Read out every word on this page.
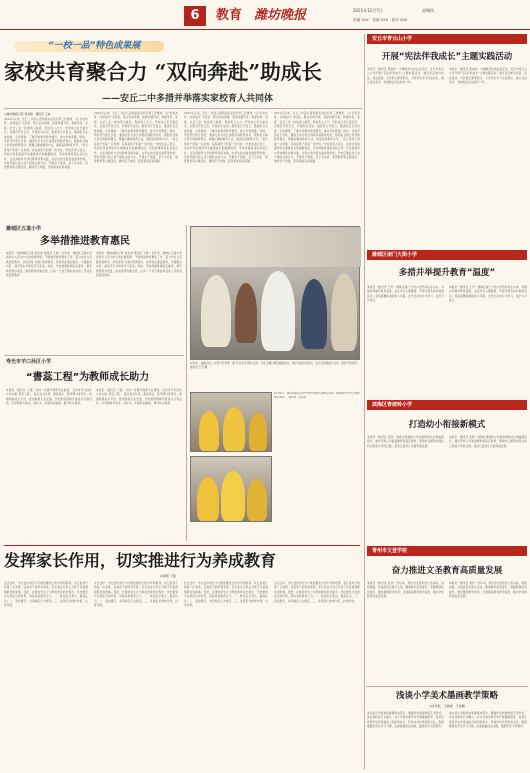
6	教育 潍坊晚报	2021年12月7日	星期四
责编 XXX　美编 XXX　校对 XXX
“一校一品”特色成果展
家校共育聚合力 “双向奔赴”助成长
——安丘二中多措并举落实家校育人共同体
□潍坊晚报记者 刘兆晨　通讯员 王成
2021年以来，安丘二中深入贯彻落实家校共育工作要求，以“家校共育、共同成长”为目标，整合家校资源，搭建沟通平台，构建学校、家庭、社会三位一体的育人格局，形成育人合力。学校成立家长委员会，定期召开家长会，开展家访活动，组织家长开放日，邀请家长走进校园、走进课堂，了解学校教育教学情况，参与学校管理。同时，学校开设家长学校，邀请专家为家长讲授家庭教育知识，帮助家长树立科学的教育理念，掌握正确的教育方法，提高家庭教育水平。“家长是孩子的第一任老师，家庭是孩子的第一所学校。”学校负责人表示，家校共育是促进学生健康成长的重要途径，学校将继续深化家校合作，让家庭教育与学校教育同频共振，为学生的全面发展保驾护航。学校还通过线上线下相结合的方式，开展亲子阅读、亲子运动会、感恩教育等主题活动，增进亲子沟通，营造和谐家庭氛围。
2021年以来，安丘二中深入贯彻落实家校共育工作要求，以“家校共育、共同成长”为目标，整合家校资源，搭建沟通平台，构建学校、家庭、社会三位一体的育人格局，形成育人合力。学校成立家长委员会，定期召开家长会，开展家访活动，组织家长开放日，邀请家长走进校园、走进课堂，了解学校教育教学情况，参与学校管理。同时，学校开设家长学校，邀请专家为家长讲授家庭教育知识，帮助家长树立科学的教育理念，掌握正确的教育方法，提高家庭教育水平。“家长是孩子的第一任老师，家庭是孩子的第一所学校。”学校负责人表示，家校共育是促进学生健康成长的重要途径，学校将继续深化家校合作，让家庭教育与学校教育同频共振，为学生的全面发展保驾护航。学校还通过线上线下相结合的方式，开展亲子阅读、亲子运动会、感恩教育等主题活动，增进亲子沟通，营造和谐家庭氛围。
2021年以来，安丘二中深入贯彻落实家校共育工作要求，以“家校共育、共同成长”为目标，整合家校资源，搭建沟通平台，构建学校、家庭、社会三位一体的育人格局，形成育人合力。学校成立家长委员会，定期召开家长会，开展家访活动，组织家长开放日，邀请家长走进校园、走进课堂，了解学校教育教学情况，参与学校管理。同时，学校开设家长学校，邀请专家为家长讲授家庭教育知识，帮助家长树立科学的教育理念，掌握正确的教育方法，提高家庭教育水平。“家长是孩子的第一任老师，家庭是孩子的第一所学校。”学校负责人表示，家校共育是促进学生健康成长的重要途径，学校将继续深化家校合作，让家庭教育与学校教育同频共振，为学生的全面发展保驾护航。学校还通过线上线下相结合的方式，开展亲子阅读、亲子运动会、感恩教育等主题活动，增进亲子沟通，营造和谐家庭氛围。
2021年以来，安丘二中深入贯彻落实家校共育工作要求，以“家校共育、共同成长”为目标，整合家校资源，搭建沟通平台，构建学校、家庭、社会三位一体的育人格局，形成育人合力。学校成立家长委员会，定期召开家长会，开展家访活动，组织家长开放日，邀请家长走进校园、走进课堂，了解学校教育教学情况，参与学校管理。同时，学校开设家长学校，邀请专家为家长讲授家庭教育知识，帮助家长树立科学的教育理念，掌握正确的教育方法，提高家庭教育水平。“家长是孩子的第一任老师，家庭是孩子的第一所学校。”学校负责人表示，家校共育是促进学生健康成长的重要途径，学校将继续深化家校合作，让家庭教育与学校教育同频共振，为学生的全面发展保驾护航。学校还通过线上线下相结合的方式，开展亲子阅读、亲子运动会、感恩教育等主题活动，增进亲子沟通，营造和谐家庭氛围。
潍城区五道小学
多举措推进教育惠民
本报讯（潍坊晚报记者 刘兆晨 通讯员 王晓）近年来，潍城区五道小学坚持以人民为中心的发展思想，不断推进教育惠民工作，着力办好人民满意的教育。学校深化“双减”政策落实，持续优化课后服务，丰富服务内容，满足学生多样化学习需求。同时，学校加强教师队伍建设，提升教育教学质量，推动教育均衡发展，让每一个孩子都能享受到公平而有质量的教育。
本报讯（潍坊晚报记者 刘兆晨 通讯员 王晓）近年来，潍城区五道小学坚持以人民为中心的发展思想，不断推进教育惠民工作，着力办好人民满意的教育。学校深化“双减”政策落实，持续优化课后服务，丰富服务内容，满足学生多样化学习需求。同时，学校加强教师队伍建设，提升教育教学质量，推动教育均衡发展，让每一个孩子都能享受到公平而有质量的教育。
寿光市羊口孙区小学
“書蕊工程”为教师成长助力
本报讯（通讯员 丁强）为进一步提升教师专业素养，寿光市羊口孙区小学实施“書蕊工程”，通过读书分享、课堂展示、教学研讨等形式，搭建教师成长平台，促进教师专业发展。学校组织教师开展读书分享活动，引导教师多读书、读好书，丰富知识储备，提升综合素养。
本报讯（通讯员 丁强）为进一步提升教师专业素养，寿光市羊口孙区小学实施“書蕊工程”，通过读书分享、课堂展示、教学研讨等形式，搭建教师成长平台，促进教师专业发展。学校组织教师开展读书分享活动，引导教师多读书、读好书，丰富知识储备，提升综合素养。
9月5日，潍坊昌乐二中举行开学第一课“安全从家开始”活动，学生们通过情景剧的形式，展示家庭安全知识，家长们积极参与互动，现场气氛热烈。　通讯员 王芳 摄
12月2日，潍坊高新区北海学校开展家长进课堂活动，邀请家长为学生讲授职业知识。　通讯员 王丽 摄
发挥家长作用，切实推进行为养成教育
◎刘明 丁强
在生活中，学生良好的行为习惯需要家长的引导和培养。家长是孩子的第一任老师，也是孩子的终身老师，家长的言行举止对孩子有着潜移默化的影响。因此，在推进学生行为养成教育的过程中，学校要充分发挥家长的作用，形成家校教育合力。一、转变家长观念，提高认识。二、家校携手，共同制定行为规范。三、发挥家长榜样作用，以身作则。
在生活中，学生良好的行为习惯需要家长的引导和培养。家长是孩子的第一任老师，也是孩子的终身老师，家长的言行举止对孩子有着潜移默化的影响。因此，在推进学生行为养成教育的过程中，学校要充分发挥家长的作用，形成家校教育合力。一、转变家长观念，提高认识。二、家校携手，共同制定行为规范。三、发挥家长榜样作用，以身作则。
在生活中，学生良好的行为习惯需要家长的引导和培养。家长是孩子的第一任老师，也是孩子的终身老师，家长的言行举止对孩子有着潜移默化的影响。因此，在推进学生行为养成教育的过程中，学校要充分发挥家长的作用，形成家校教育合力。一、转变家长观念，提高认识。二、家校携手，共同制定行为规范。三、发挥家长榜样作用，以身作则。
在生活中，学生良好的行为习惯需要家长的引导和培养。家长是孩子的第一任老师，也是孩子的终身老师，家长的言行举止对孩子有着潜移默化的影响。因此，在推进学生行为养成教育的过程中，学校要充分发挥家长的作用，形成家校教育合力。一、转变家长观念，提高认识。二、家校携手，共同制定行为规范。三、发挥家长榜样作用，以身作则。
安丘市青云山小学
开展“宪法伴我成长”主题实践活动
本报讯（通讯员 陈丽华）为增强学生的法治意识，安丘市青云山小学开展“宪法伴我成长”主题实践活动，通过宪法知识讲座、宪法晨读、手抄报比赛等形式，引导学生学习宪法知识，树立宪法意识，争做知法守法的好少年。
本报讯（通讯员 陈丽华）为增强学生的法治意识，安丘市青云山小学开展“宪法伴我成长”主题实践活动，通过宪法知识讲座、宪法晨读、手抄报比赛等形式，引导学生学习宪法知识，树立宪法意识，争做知法守法的好少年。
潍城区南门大街小学
多措并举提升教育“温度”
本报讯（通讯员 王芳）潍城区南门大街小学坚持以生为本，多措并举提升教育温度，关注学生心理健康，开展丰富多彩的校园活动，营造温馨和谐的育人环境，让学生在快乐中学习，在学习中成长。
本报讯（通讯员 王芳）潍城区南门大街小学坚持以生为本，多措并举提升教育温度，关注学生心理健康，开展丰富多彩的校园活动，营造温馨和谐的育人环境，让学生在快乐中学习，在学习中成长。
滨海区青坡岭小学
打造幼小衔接新模式
本报讯（通讯员 张明）滨海区青坡岭小学积极探索幼小衔接新模式，通过开展入学准备教育和适应教育，帮助幼儿顺利实现从幼儿园到小学的过渡，促进儿童身心全面和谐发展。
本报讯（通讯员 张明）滨海区青坡岭小学积极探索幼小衔接新模式，通过开展入学准备教育和适应教育，帮助幼儿顺利实现从幼儿园到小学的过渡，促进儿童身心全面和谐发展。
青州市文登学校
奋力推进文圣教育高质量发展
本报讯（通讯员 刘洋）近年来，青州市文登学校立足实际，创新思路，以高质量发展为主线，聚焦教学质量提升，加强教师队伍建设，推进课堂教学改革，全面提高教育教学质量，推动学校教育高质量发展。
本报讯（通讯员 刘洋）近年来，青州市文登学校立足实际，创新思路，以高质量发展为主线，聚焦教学质量提升，加强教师队伍建设，推进课堂教学改革，全面提高教育教学质量，推动学校教育高质量发展。
浅谈小学美术墨画教学策略
◎任雪松　王晓丽　王金楠
美术是小学教育的重要组成部分，墨画作为我国传统艺术形式，具有独特的艺术魅力。在小学美术教学中开展墨画教学，有利于培养学生的审美能力和创造能力，传承中华优秀传统文化。教师要激发学生学习兴趣，注重基础技法训练，鼓励学生大胆创作。
美术是小学教育的重要组成部分，墨画作为我国传统艺术形式，具有独特的艺术魅力。在小学美术教学中开展墨画教学，有利于培养学生的审美能力和创造能力，传承中华优秀传统文化。教师要激发学生学习兴趣，注重基础技法训练，鼓励学生大胆创作。
